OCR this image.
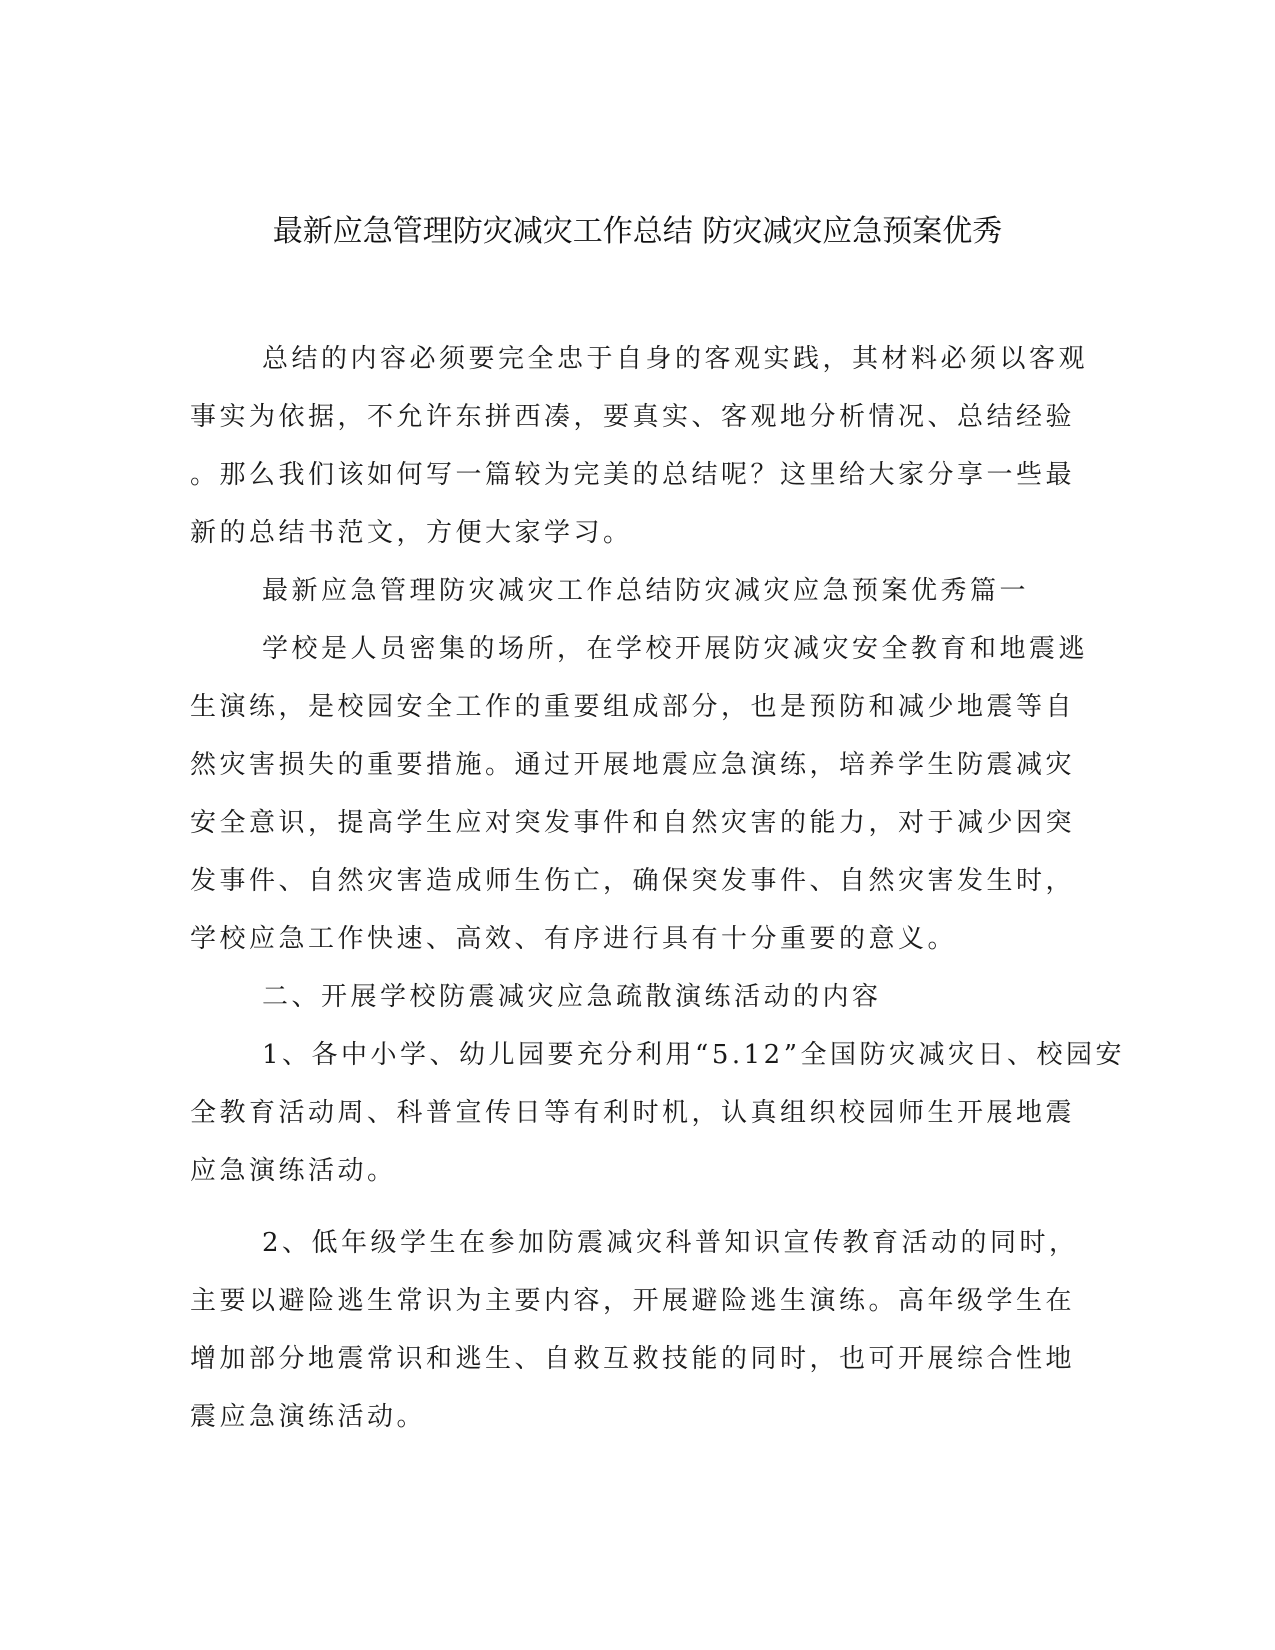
最新应急管理防灾减灾工作总结 防灾减灾应急预案优秀
总结的内容必须要完全忠于自身的客观实践，其材料必须以客观
事实为依据，不允许东拼西凑，要真实、客观地分析情况、总结经验
。那么我们该如何写一篇较为完美的总结呢？这里给大家分享一些最
新的总结书范文，方便大家学习。
最新应急管理防灾减灾工作总结防灾减灾应急预案优秀篇一
学校是人员密集的场所，在学校开展防灾减灾安全教育和地震逃
生演练，是校园安全工作的重要组成部分，也是预防和减少地震等自
然灾害损失的重要措施。通过开展地震应急演练，培养学生防震减灾
安全意识，提高学生应对突发事件和自然灾害的能力，对于减少因突
发事件、自然灾害造成师生伤亡，确保突发事件、自然灾害发生时，
学校应急工作快速、高效、有序进行具有十分重要的意义。
二、开展学校防震减灾应急疏散演练活动的内容
1、各中小学、幼儿园要充分利用“5.12”全国防灾减灾日、校园安
全教育活动周、科普宣传日等有利时机，认真组织校园师生开展地震
应急演练活动。
2、低年级学生在参加防震减灾科普知识宣传教育活动的同时，
主要以避险逃生常识为主要内容，开展避险逃生演练。高年级学生在
增加部分地震常识和逃生、自救互救技能的同时，也可开展综合性地
震应急演练活动。
